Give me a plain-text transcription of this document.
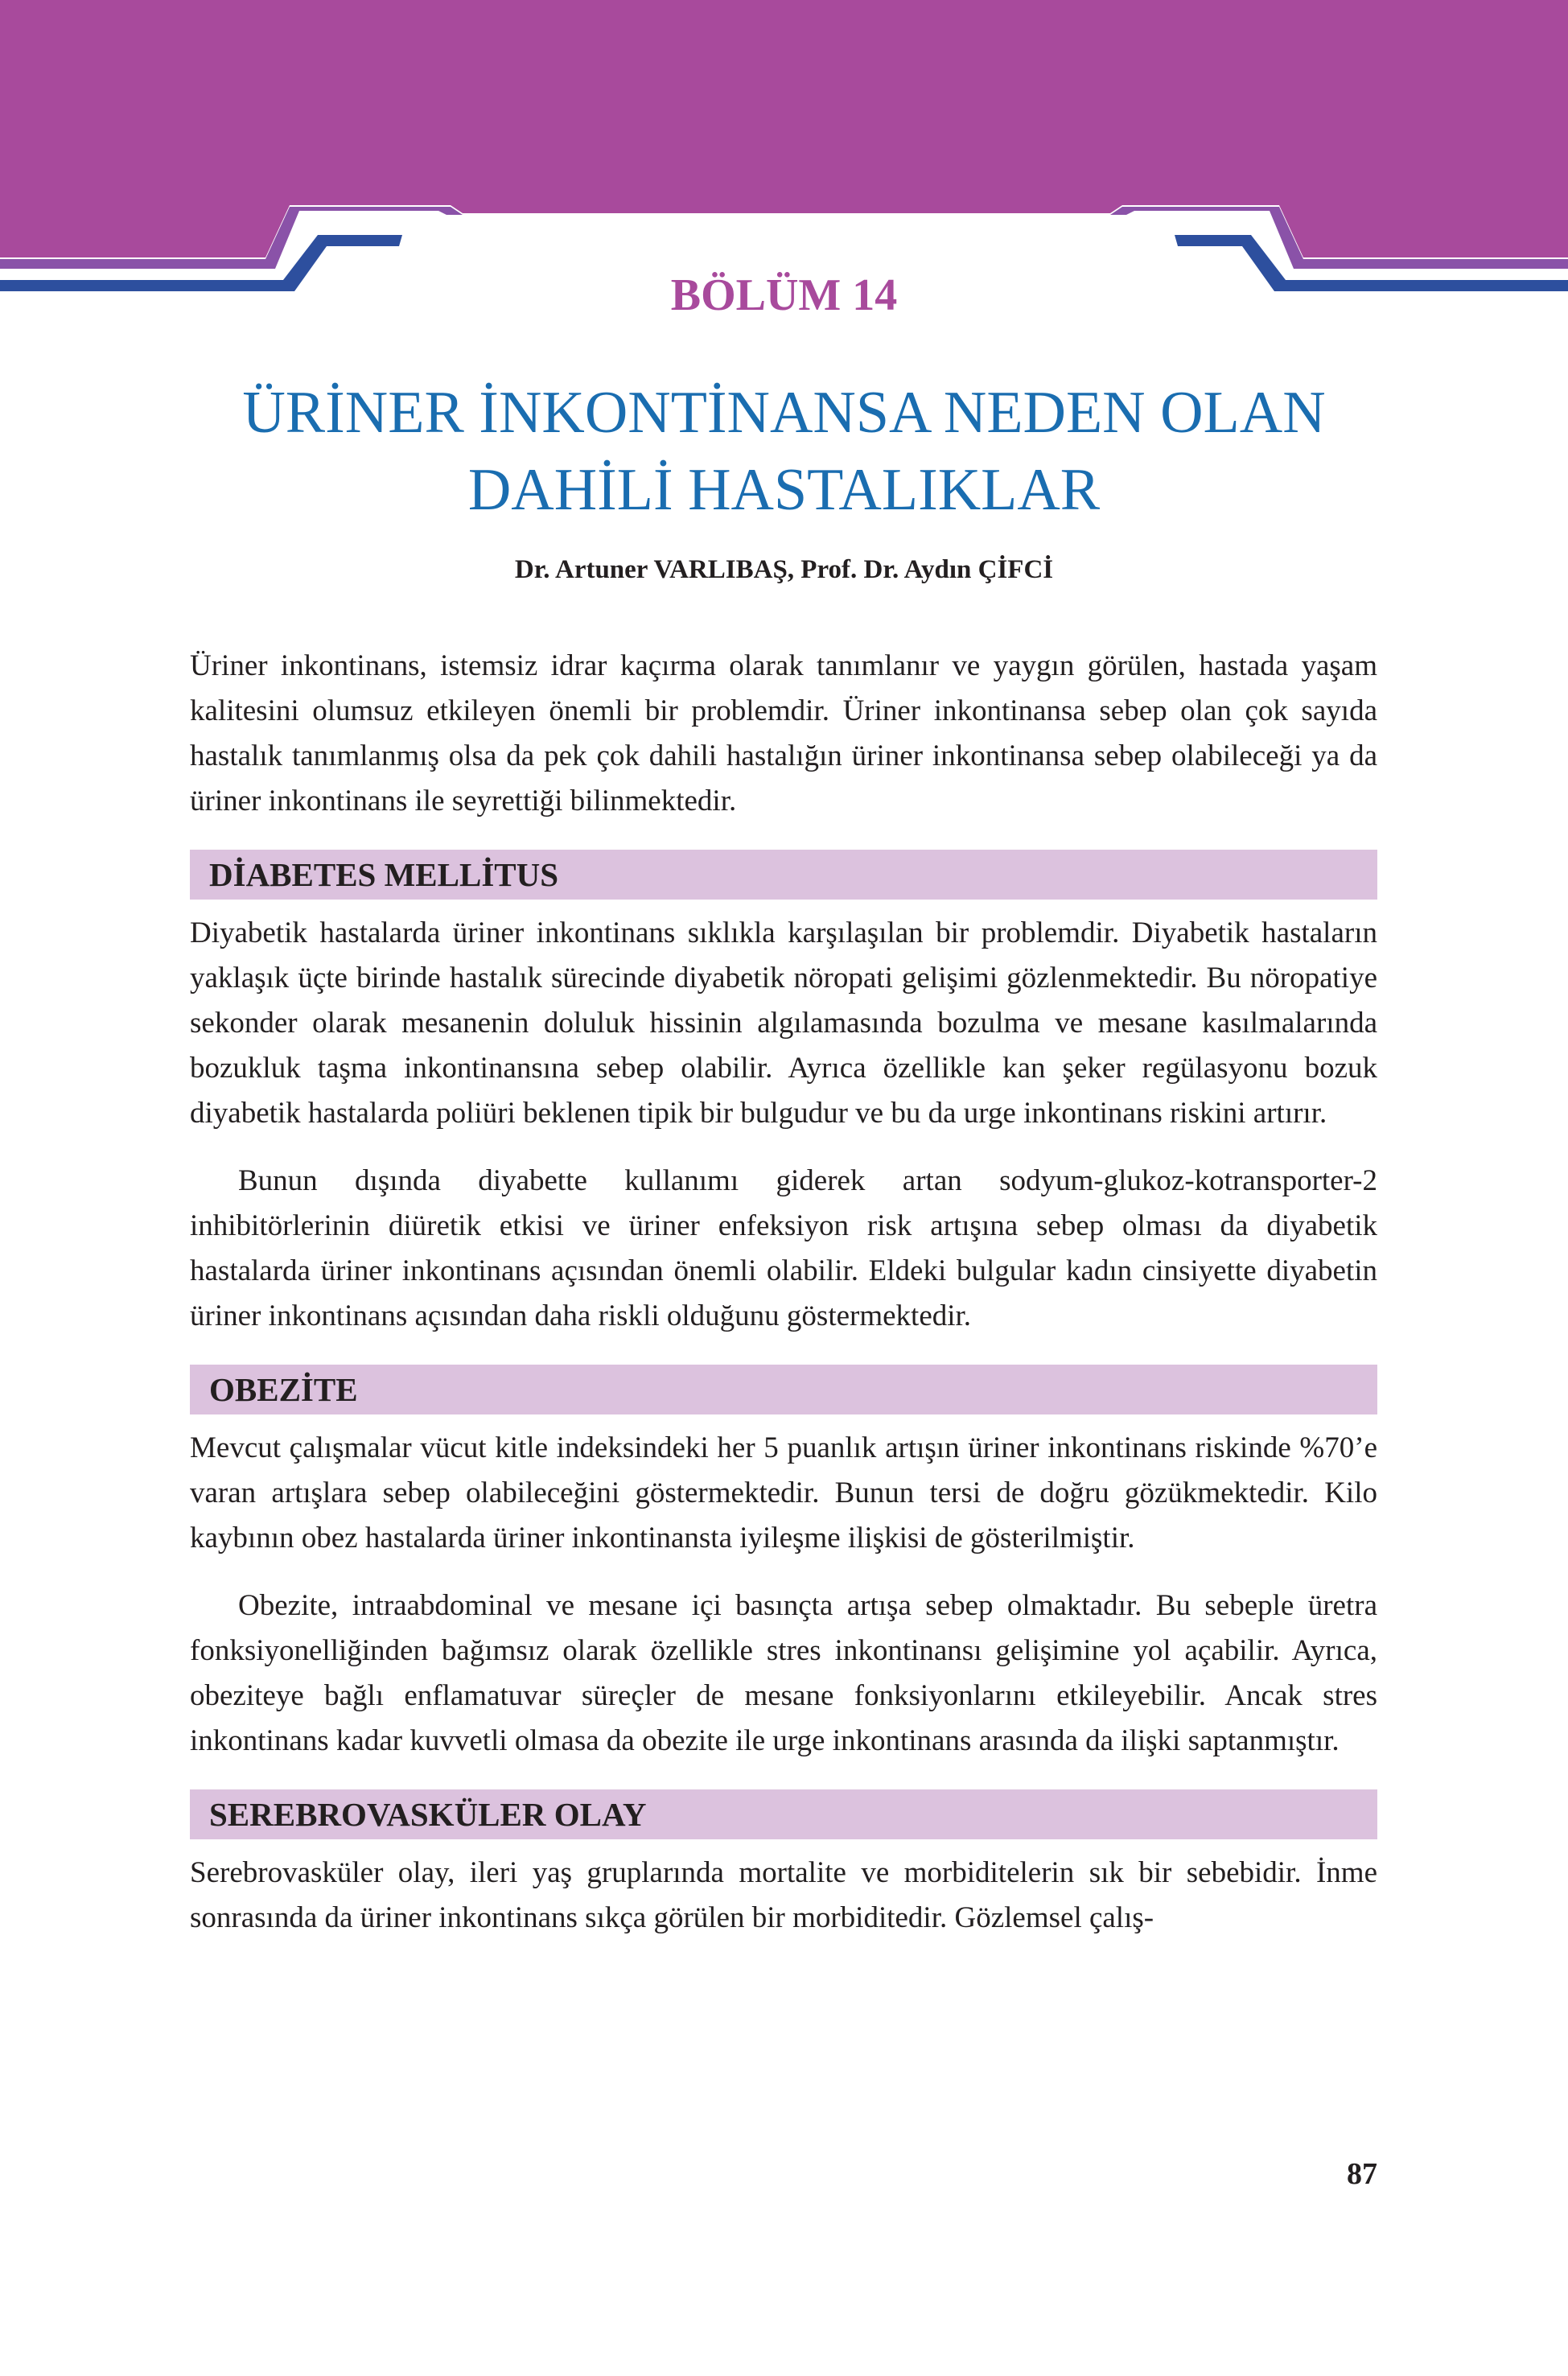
BÖLÜM 14
ÜRİNER İNKONTİNANSA NEDEN OLAN
DAHİLİ HASTALIKLAR
Dr. Artuner VARLIBAŞ, Prof. Dr. Aydın ÇİFCİ

Üriner inkontinans, istemsiz idrar kaçırma olarak tanımlanır ve yaygın görülen, hastada yaşam kalitesini olumsuz etkileyen önemli bir problemdir. Üriner inkontinansa sebep olan çok sayıda hastalık tanımlanmış olsa da pek çok dahili hastalığın üriner inkontinansa sebep olabileceği ya da üriner inkontinans ile seyrettiği bilinmektedir.

DİABETES MELLİTUS

Diyabetik hastalarda üriner inkontinans sıklıkla karşılaşılan bir problemdir. Diyabetik hastaların yaklaşık üçte birinde hastalık sürecinde diyabetik nöropati gelişimi gözlenmektedir. Bu nöropatiye sekonder olarak mesanenin doluluk hissinin algılamasında bozulma ve mesane kasılmalarında bozukluk taşma inkontinansına sebep olabilir. Ayrıca özellikle kan şeker regülasyonu bozuk diyabetik hastalarda poliüri beklenen tipik bir bulgudur ve bu da urge inkontinans riskini artırır.

Bunun dışında diyabette kullanımı giderek artan sodyum-glukoz-kotransporter-2 inhibitörlerinin diüretik etkisi ve üriner enfeksiyon risk artışına sebep olması da diyabetik hastalarda üriner inkontinans açısından önemli olabilir. Eldeki bulgular kadın cinsiyette diyabetin üriner inkontinans açısından daha riskli olduğunu göstermektedir.

OBEZİTE

Mevcut çalışmalar vücut kitle indeksindeki her 5 puanlık artışın üriner inkontinans riskinde %70’e varan artışlara sebep olabileceğini göstermektedir. Bunun tersi de doğru gözükmektedir. Kilo kaybının obez hastalarda üriner inkontinansta iyileşme ilişkisi de gösterilmiştir.

Obezite, intraabdominal ve mesane içi basınçta artışa sebep olmaktadır. Bu sebeple üretra fonksiyonelliğinden bağımsız olarak özellikle stres inkontinansı gelişimine yol açabilir. Ayrıca, obeziteye bağlı enflamatuvar süreçler de mesane fonksiyonlarını etkileyebilir. Ancak stres inkontinans kadar kuvvetli olmasa da obezite ile urge inkontinans arasında da ilişki saptanmıştır.

SEREBROVASKÜLER OLAY

Serebrovasküler olay, ileri yaş gruplarında mortalite ve morbiditelerin sık bir sebebidir. İnme sonrasında da üriner inkontinans sıkça görülen bir morbiditedir. Gözlemsel çalış-

87
